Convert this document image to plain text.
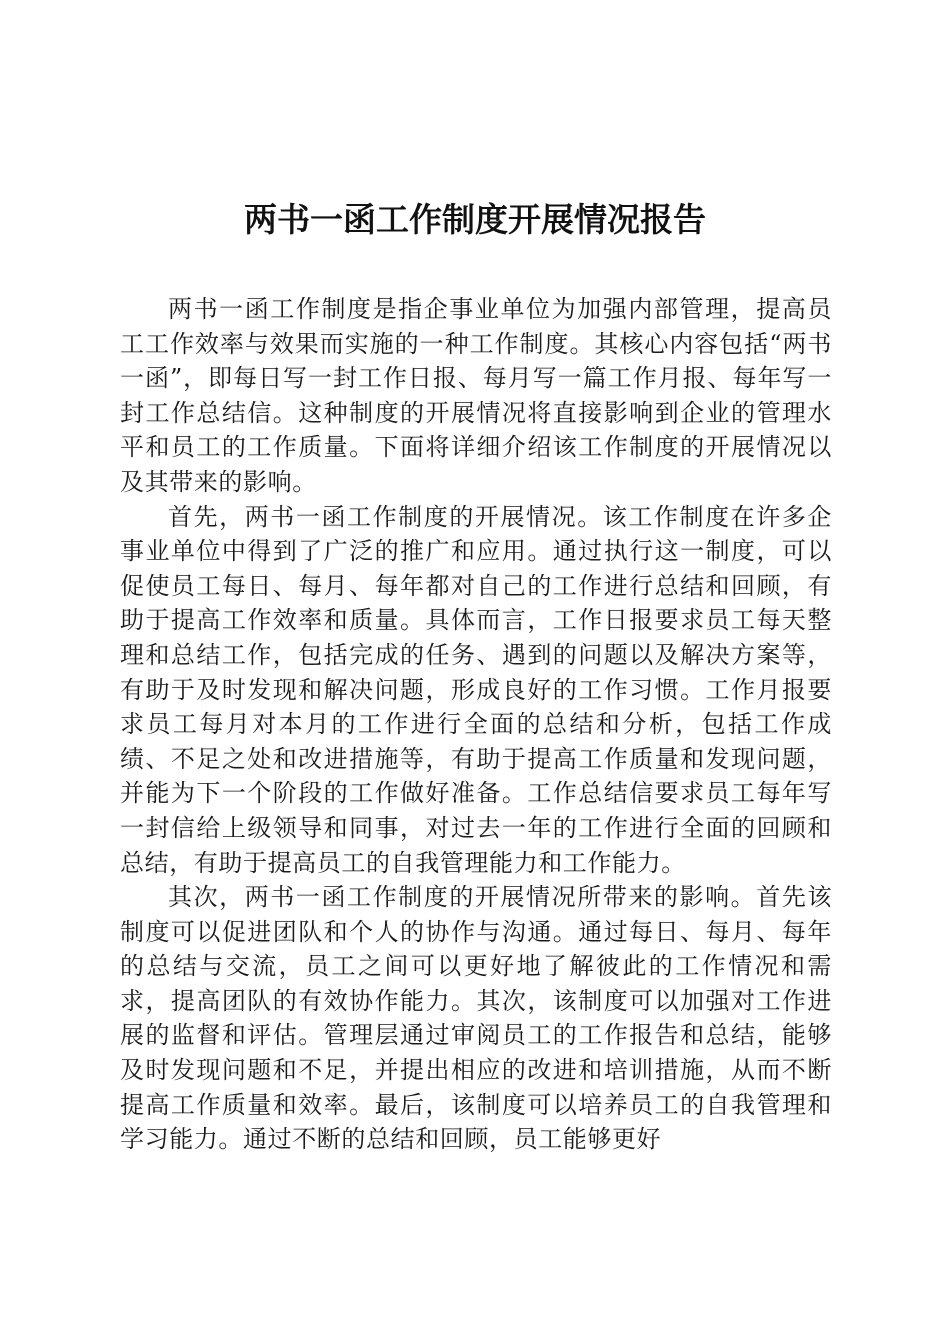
两书一函工作制度开展情况报告

两书一函工作制度是指企事业单位为加强内部管理，提高员工工作效率与效果而实施的一种工作制度。其核心内容包括“两书一函”，即每日写一封工作日报、每月写一篇工作月报、每年写一封工作总结信。这种制度的开展情况将直接影响到企业的管理水平和员工的工作质量。下面将详细介绍该工作制度的开展情况以及其带来的影响。

首先，两书一函工作制度的开展情况。该工作制度在许多企事业单位中得到了广泛的推广和应用。通过执行这一制度，可以促使员工每日、每月、每年都对自己的工作进行总结和回顾，有助于提高工作效率和质量。具体而言，工作日报要求员工每天整理和总结工作，包括完成的任务、遇到的问题以及解决方案等，有助于及时发现和解决问题，形成良好的工作习惯。工作月报要求员工每月对本月的工作进行全面的总结和分析，包括工作成绩、不足之处和改进措施等，有助于提高工作质量和发现问题，并能为下一个阶段的工作做好准备。工作总结信要求员工每年写一封信给上级领导和同事，对过去一年的工作进行全面的回顾和总结，有助于提高员工的自我管理能力和工作能力。

其次，两书一函工作制度的开展情况所带来的影响。首先该制度可以促进团队和个人的协作与沟通。通过每日、每月、每年的总结与交流，员工之间可以更好地了解彼此的工作情况和需求，提高团队的有效协作能力。其次，该制度可以加强对工作进展的监督和评估。管理层通过审阅员工的工作报告和总结，能够及时发现问题和不足，并提出相应的改进和培训措施，从而不断提高工作质量和效率。最后，该制度可以培养员工的自我管理和学习能力。通过不断的总结和回顾，员工能够更好
